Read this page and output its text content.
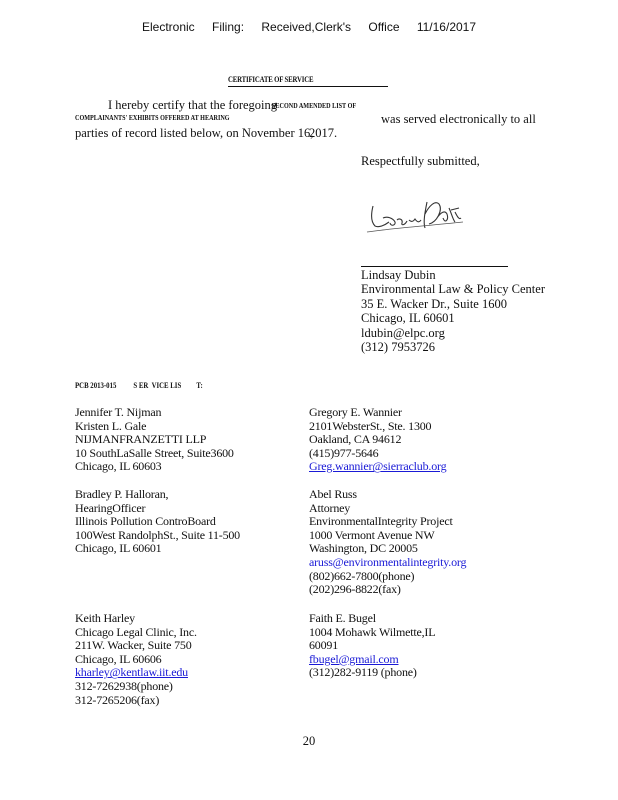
Electronic Filing: Received,Clerk's Office 11/16/2017
CERTIFICATE OF SERVICE
I hereby certify that the foregoing
SECOND AMENDED LIST OF
COMPLAINANTS' EXHIBITS OFFERED AT HEARING	was served electronically to all
parties of record listed below, on November 16,
2017.
Respectfully submitted,
Lindsay Dubin
Environmental Law & Policy Center
35 E. Wacker Dr., Suite 1600
Chicago, IL 60601
ldubin@elpc.org
(312) 7953726
PCB 2013-015          S ER  VICE LIS         T:
Jennifer T. Nijman
Kristen L. Gale
NIJMANFRANZETTI LLP
10 SouthLaSalle Street, Suite3600
Chicago, IL 60603
Gregory E. Wannier
2101WebsterSt., Ste. 1300
Oakland, CA 94612
(415)977-5646
Greg.wannier@sierraclub.org
Bradley P. Halloran,
HearingOfficer
Illinois Pollution ControBoard
100West RandolphSt., Suite 11-500
Chicago, IL 60601
Abel Russ
Attorney
EnvironmentalIntegrity Project
1000 Vermont Avenue NW
Washington, DC 20005
aruss@environmentalintegrity.org
(802)662-7800(phone)
(202)296-8822(fax)
Keith Harley
Chicago Legal Clinic, Inc.
211W. Wacker, Suite 750
Chicago, IL 60606
kharley@kentlaw.iit.edu
312-7262938(phone)
312-7265206(fax)
Faith E. Bugel
1004 Mohawk Wilmette,IL
60091
fbugel@gmail.com
(312)282-9119 (phone)
20
